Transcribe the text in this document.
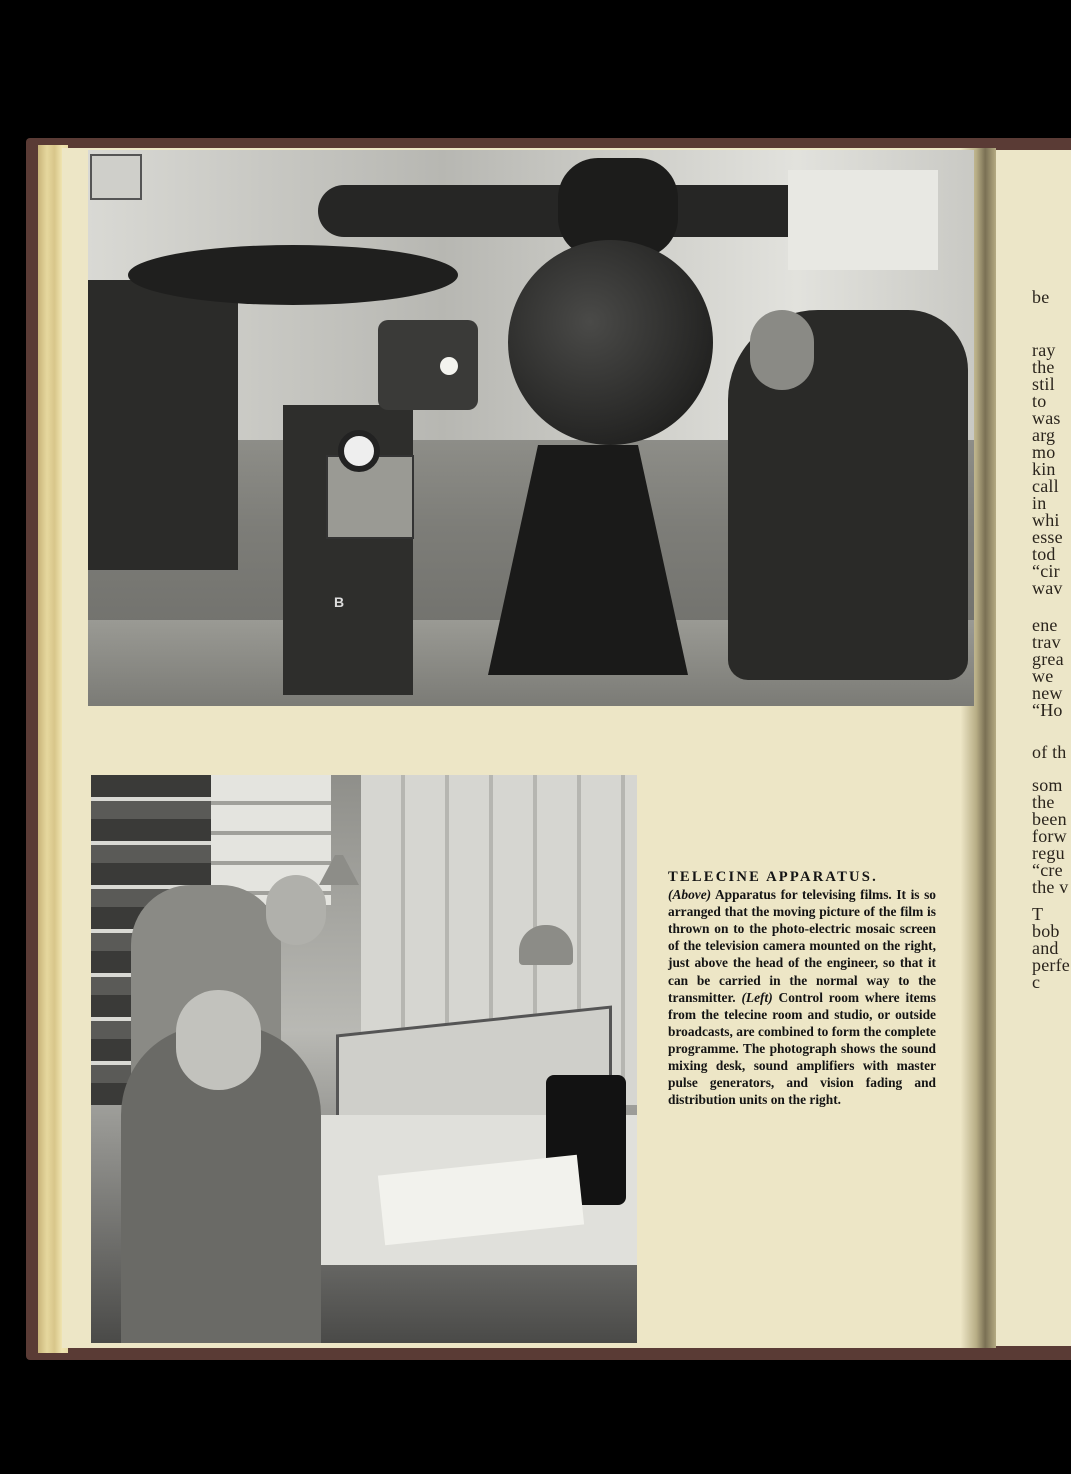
be
ray
the
stil
to
was
arg
mo
kin
call
in
whi
esse
tod
“cir
wav
ene
trav
grea
we
new
“Ho
of th
som
the
been
forw
regu
“cre
the v
T
bob
and
perfe
c
B
TELECINE APPARATUS.
(Above) Apparatus for televising films. It is so arranged that the moving picture of the film is thrown on to the photo-electric mosaic screen of the television camera mounted on the right, just above the head of the engineer, so that it can be carried in the normal way to the transmitter. (Left) Control room where items from the telecine room and studio, or outside broadcasts, are combined to form the complete programme. The photograph shows the sound mixing desk, sound amplifiers with master pulse generators, and vision fading and distribution units on the right.
